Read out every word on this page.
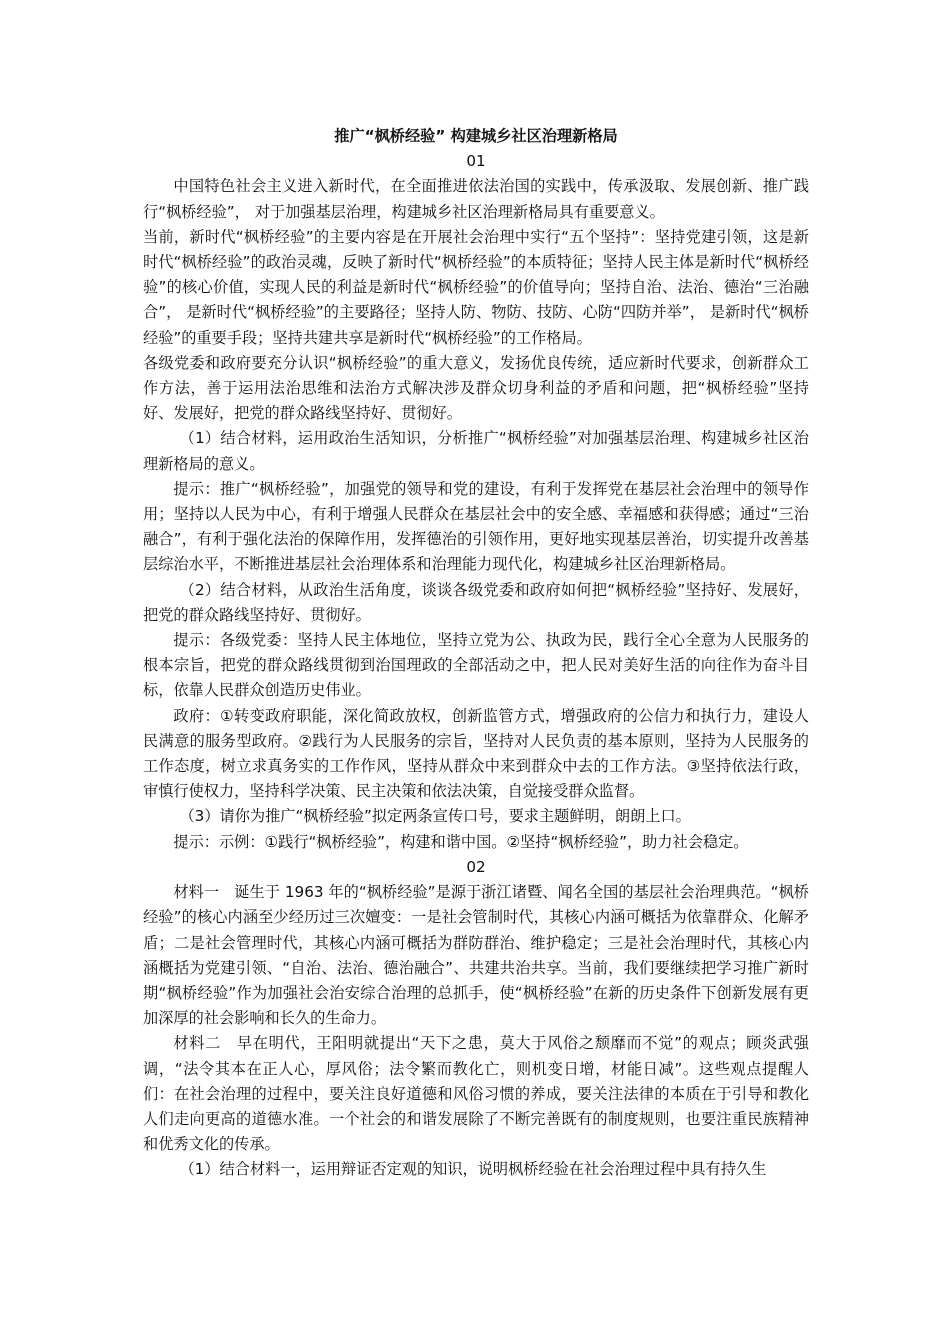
推广“枫桥经验” 构建城乡社区治理新格局

01

中国特色社会主义进入新时代，在全面推进依法治国的实践中，传承汲取、发展创新、推广践行“枫桥经验”， 对于加强基层治理，构建城乡社区治理新格局具有重要意义。

当前，新时代“枫桥经验”的主要内容是在开展社会治理中实行“五个坚持”：坚持党建引领，这是新时代“枫桥经验”的政治灵魂，反映了新时代“枫桥经验”的本质特征；坚持人民主体是新时代“枫桥经验”的核心价值，实现人民的利益是新时代“枫桥经验”的价值导向；坚持自治、法治、德治“三治融合”， 是新时代“枫桥经验”的主要路径；坚持人防、物防、技防、心防“四防并举”， 是新时代“枫桥经验”的重要手段；坚持共建共享是新时代“枫桥经验”的工作格局。

各级党委和政府要充分认识“枫桥经验”的重大意义，发扬优良传统，适应新时代要求，创新群众工作方法，善于运用法治思维和法治方式解决涉及群众切身利益的矛盾和问题，把“枫桥经验”坚持好、发展好，把党的群众路线坚持好、贯彻好。

（1）结合材料，运用政治生活知识，分析推广“枫桥经验”对加强基层治理、构建城乡社区治理新格局的意义。

提示：推广“枫桥经验”，加强党的领导和党的建设，有利于发挥党在基层社会治理中的领导作用；坚持以人民为中心，有利于增强人民群众在基层社会中的安全感、幸福感和获得感；通过“三治融合”，有利于强化法治的保障作用，发挥德治的引领作用，更好地实现基层善治，切实提升改善基层综治水平，不断推进基层社会治理体系和治理能力现代化，构建城乡社区治理新格局。

（2）结合材料，从政治生活角度，谈谈各级党委和政府如何把“枫桥经验”坚持好、发展好，把党的群众路线坚持好、贯彻好。

提示：各级党委：坚持人民主体地位，坚持立党为公、执政为民，践行全心全意为人民服务的根本宗旨，把党的群众路线贯彻到治国理政的全部活动之中，把人民对美好生活的向往作为奋斗目标，依靠人民群众创造历史伟业。

政府：①转变政府职能，深化简政放权，创新监管方式，增强政府的公信力和执行力，建设人民满意的服务型政府。②践行为人民服务的宗旨，坚持对人民负责的基本原则，坚持为人民服务的工作态度，树立求真务实的工作作风，坚持从群众中来到群众中去的工作方法。③坚持依法行政，审慎行使权力，坚持科学决策、民主决策和依法决策，自觉接受群众监督。

（3）请你为推广“枫桥经验”拟定两条宣传口号，要求主题鲜明，朗朗上口。

提示：示例：①践行“枫桥经验”，构建和谐中国。②坚持“枫桥经验”，助力社会稳定。

02

材料一　诞生于 1963 年的“枫桥经验”是源于浙江诸暨、闻名全国的基层社会治理典范。“枫桥经验”的核心内涵至少经历过三次嬗变：一是社会管制时代，其核心内涵可概括为依靠群众、化解矛盾；二是社会管理时代，其核心内涵可概括为群防群治、维护稳定；三是社会治理时代，其核心内涵概括为党建引领、“自治、法治、德治融合”、共建共治共享。当前，我们要继续把学习推广新时期“枫桥经验”作为加强社会治安综合治理的总抓手，使“枫桥经验”在新的历史条件下创新发展有更加深厚的社会影响和长久的生命力。

材料二　早在明代，王阳明就提出“天下之患，莫大于风俗之颓靡而不觉”的观点；顾炎武强调，“法令其本在正人心，厚风俗；法令繁而教化亡，则机变日增，材能日减”。这些观点提醒人们：在社会治理的过程中，要关注良好道德和风俗习惯的养成，要关注法律的本质在于引导和教化人们走向更高的道德水准。一个社会的和谐发展除了不断完善既有的制度规则，也要注重民族精神和优秀文化的传承。

（1）结合材料一，运用辩证否定观的知识，说明枫桥经验在社会治理过程中具有持久生
